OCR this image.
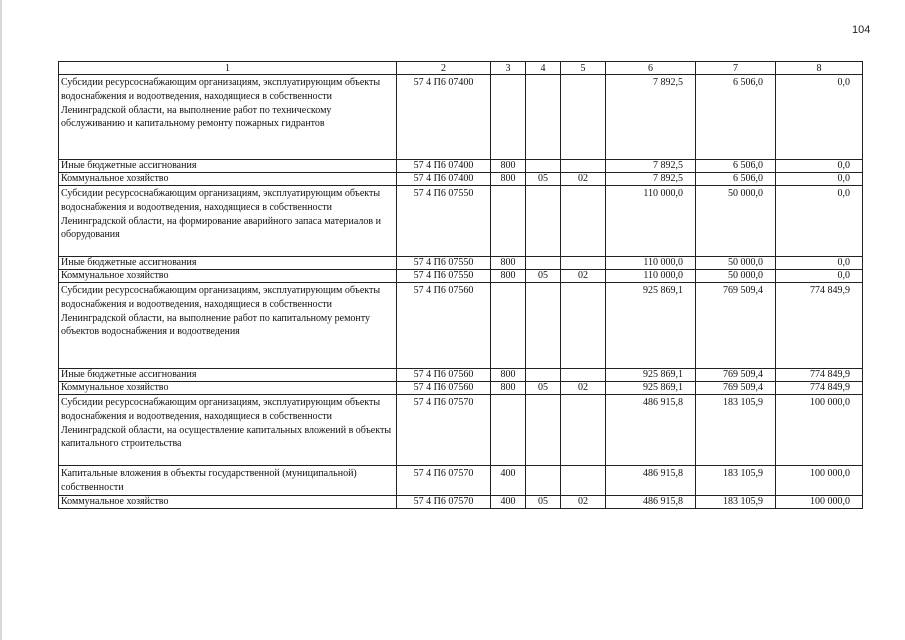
104
1	2	3	4	5	6	7	8
Субсидии ресурсоснабжающим организациям, эксплуатирующим объекты водоснабжения и водоотведения, находящиеся в собственности Ленинградской области, на выполнение работ по техническому обслуживанию и капитальному ремонту пожарных гидрантов	57 4 П6 07400				7 892,5	6 506,0	0,0
Иные бюджетные ассигнования	57 4 П6 07400	800			7 892,5	6 506,0	0,0
Коммунальное хозяйство	57 4 П6 07400	800	05	02	7 892,5	6 506,0	0,0
Субсидии ресурсоснабжающим организациям, эксплуатирующим объекты водоснабжения и водоотведения, находящиеся в собственности Ленинградской области, на формирование аварийного запаса материалов и оборудования	57 4 П6 07550				110 000,0	50 000,0	0,0
Иные бюджетные ассигнования	57 4 П6 07550	800			110 000,0	50 000,0	0,0
Коммунальное хозяйство	57 4 П6 07550	800	05	02	110 000,0	50 000,0	0,0
Субсидии ресурсоснабжающим организациям, эксплуатирующим объекты водоснабжения и водоотведения, находящиеся в собственности Ленинградской области, на выполнение работ по капитальному ремонту объектов водоснабжения и водоотведения	57 4 П6 07560				925 869,1	769 509,4	774 849,9
Иные бюджетные ассигнования	57 4 П6 07560	800			925 869,1	769 509,4	774 849,9
Коммунальное хозяйство	57 4 П6 07560	800	05	02	925 869,1	769 509,4	774 849,9
Субсидии ресурсоснабжающим организациям, эксплуатирующим объекты водоснабжения и водоотведения, находящиеся в собственности Ленинградской области, на осуществление капитальных вложений в объекты капитального строительства	57 4 П6 07570				486 915,8	183 105,9	100 000,0
Капитальные вложения в объекты государственной (муниципальной) собственности	57 4 П6 07570	400			486 915,8	183 105,9	100 000,0
Коммунальное хозяйство	57 4 П6 07570	400	05	02	486 915,8	183 105,9	100 000,0
